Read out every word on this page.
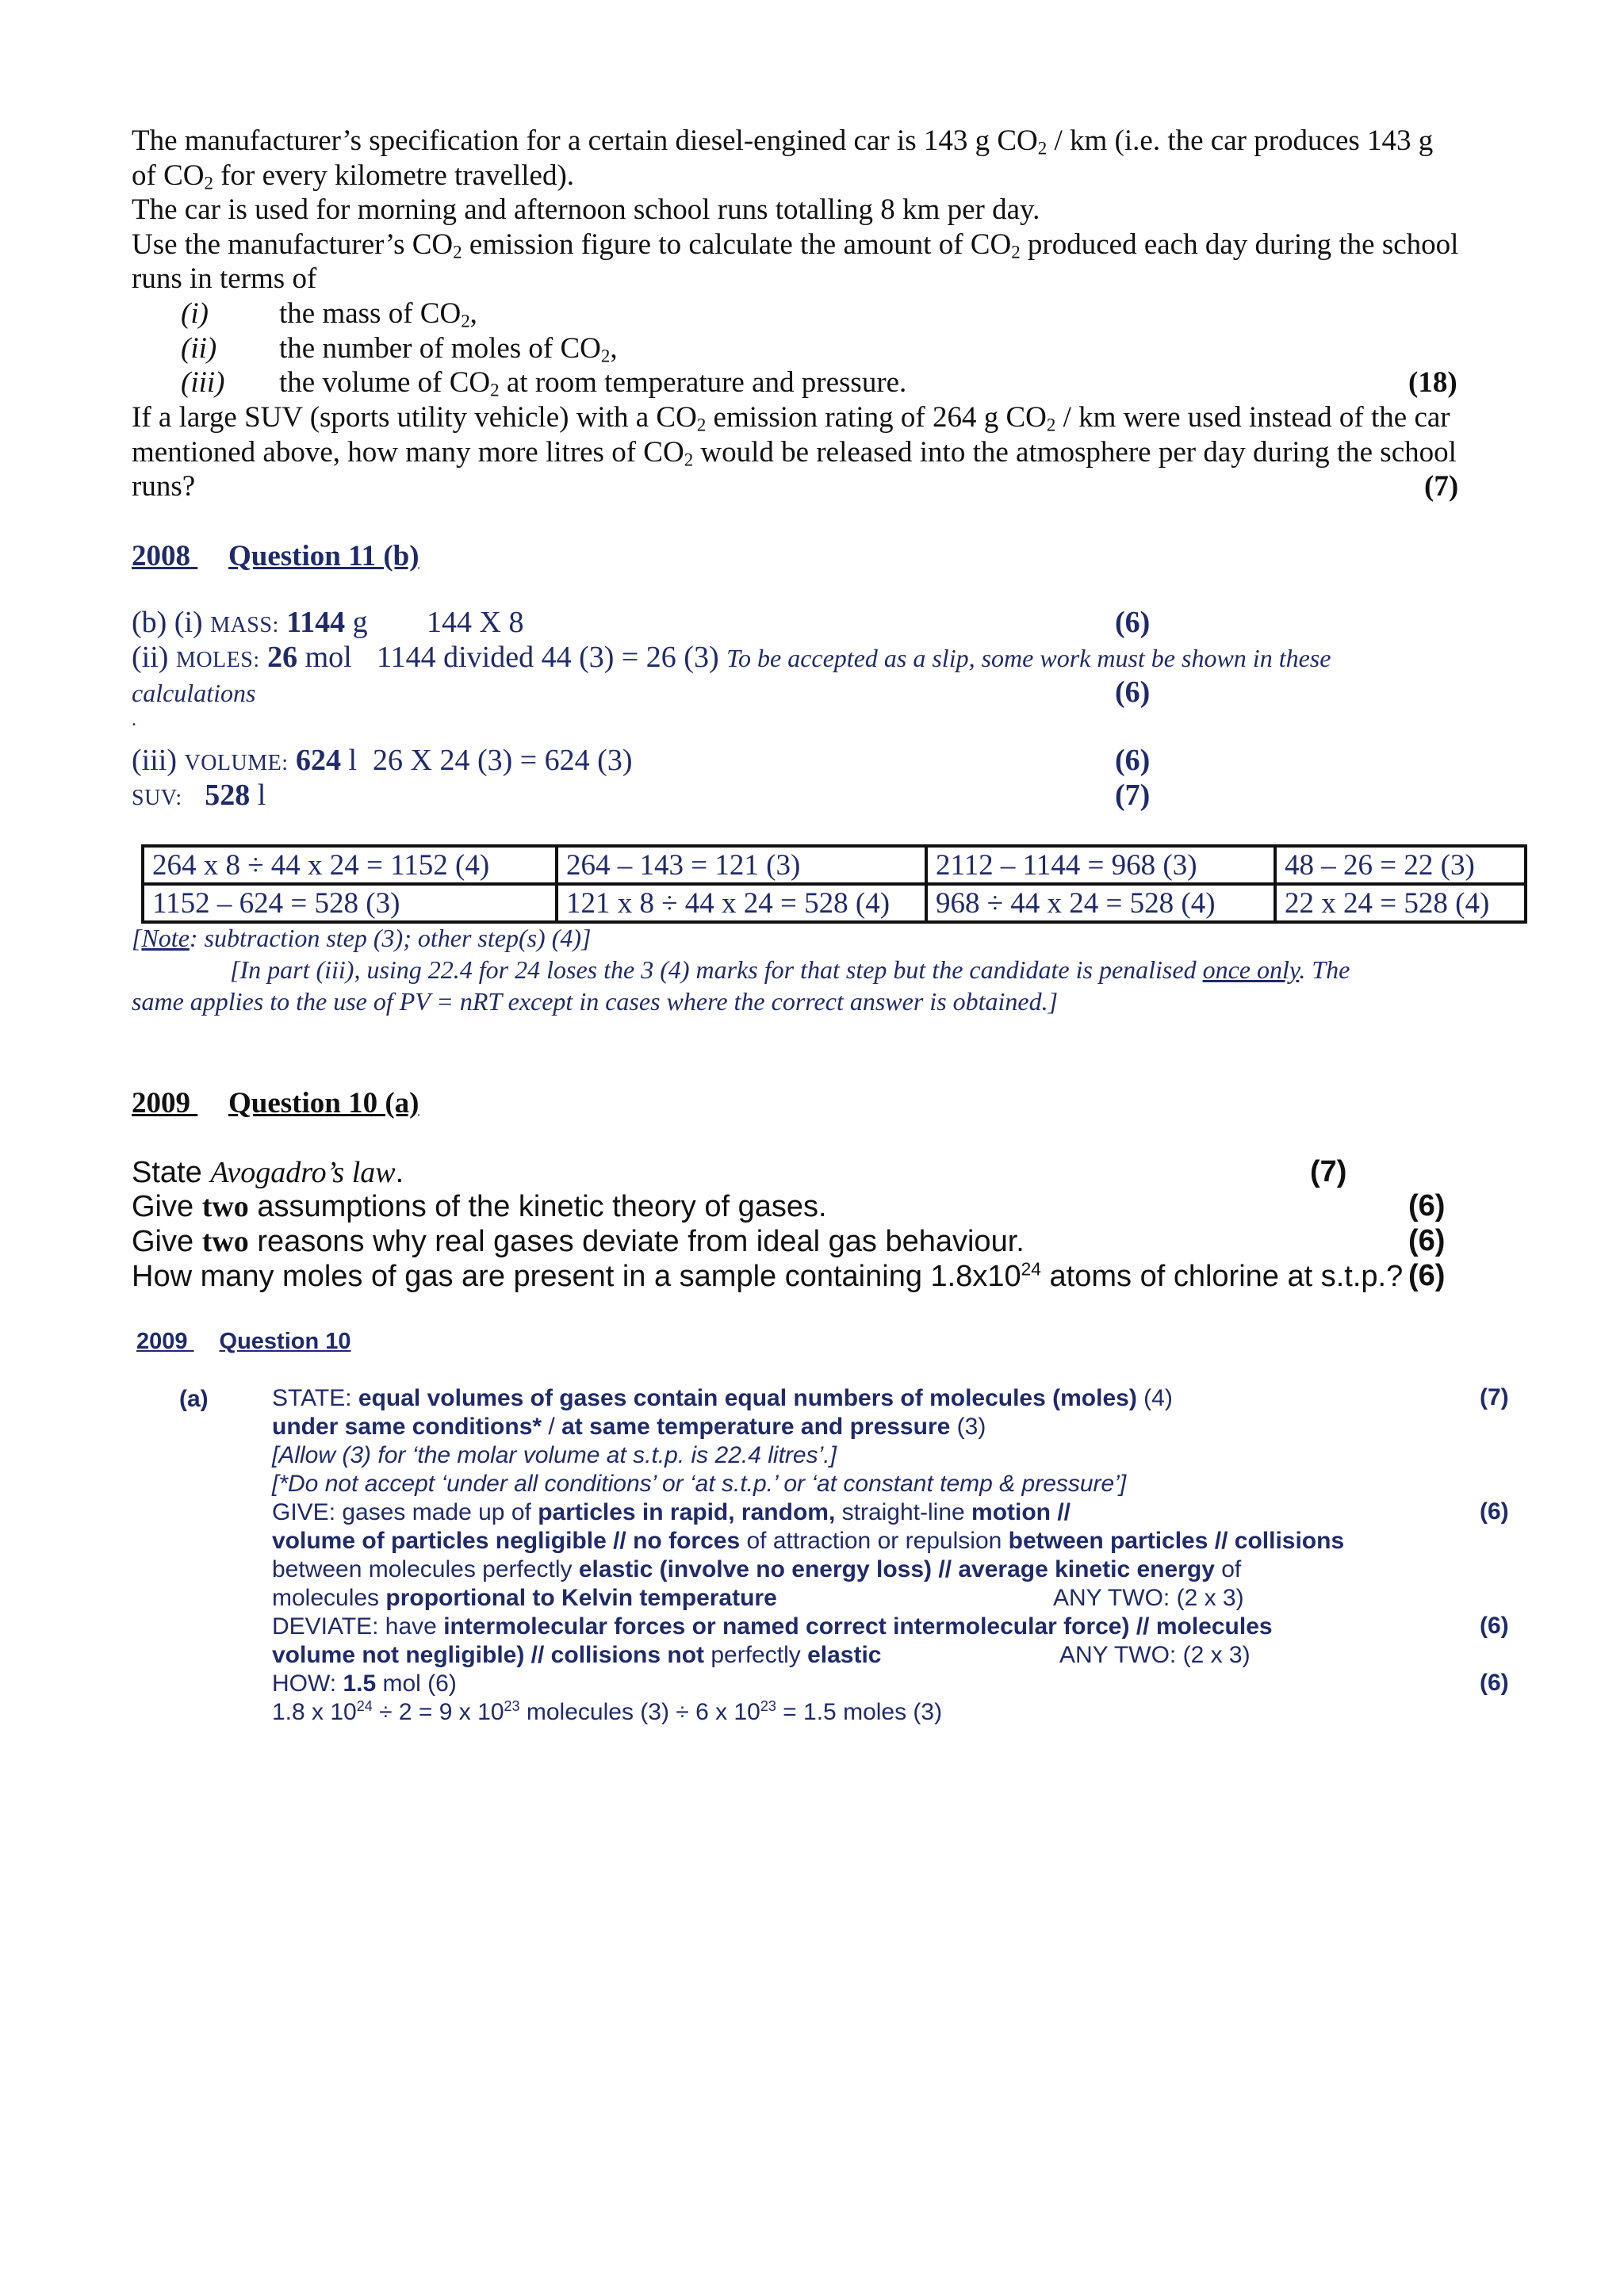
The manufacturer’s specification for a certain diesel-engined car is 143 g $CO_2$ / km (i.e. the car produces 143 g
of $CO_2$ for every kilometre travelled).
The car is used for morning and afternoon school runs totalling 8 km per day.
Use the manufacturer’s $CO_2$ emission figure to calculate the amount of $CO_2$ produced each day during the school
runs in terms of
(i) the mass of $CO_2$,
(ii) the number of moles of $CO_2$,
(iii) the volume of $CO_2$ at room temperature and pressure.	(18)
If a large SUV (sports utility vehicle) with a $CO_2$ emission rating of 264 g $CO_2$ / km were used instead of the car
mentioned above, how many more litres of $CO_2$ would be released into the atmosphere per day during the school
runs?	(7)
2008 Question 11 (b)
(b) (i) MASS: 1144 g 144 X 8	(6)
(ii) MOLES: 26 mol 1144 divided 44 (3) = 26 (3) To be accepted as a slip, some work must be shown in these
calculations	(6)
.
(iii) VOLUME: 624 l 26 X 24 (3) = 624 (3)	(6)
SUV: 528 l	(7)
264 x 8 ÷ 44 x 24 = 1152 (4)	264 – 143 = 121 (3)	2112 – 1144 = 968 (3)	48 – 26 = 22 (3)
1152 – 624 = 528 (3)	121 x 8 ÷ 44 x 24 = 528 (4)	968 ÷ 44 x 24 = 528 (4)	22 x 24 = 528 (4)
[Note: subtraction step (3); other step(s) (4)]
[In part (iii), using 22.4 for 24 loses the 3 (4) marks for that step but the candidate is penalised once only. The
same applies to the use of PV = nRT except in cases where the correct answer is obtained.]
2009 Question 10 (a)
State Avogadro’s law.	(7)
Give two assumptions of the kinetic theory of gases.	(6)
Give two reasons why real gases deviate from ideal gas behaviour.	(6)
How many moles of gas are present in a sample containing $1.8x10^{24}$ atoms of chlorine at s.t.p.? (6)
2009 Question 10
(a)	STATE: equal volumes of gases contain equal numbers of molecules (moles) (4)	(7)
under same conditions* / at same temperature and pressure (3)
[Allow (3) for ‘the molar volume at s.t.p. is 22.4 litres’.]
[*Do not accept ‘under all conditions’ or ‘at s.t.p.’ or ‘at constant temp & pressure’]
GIVE: gases made up of particles in rapid, random, straight-line motion //	(6)
volume of particles negligible // no forces of attraction or repulsion between particles // collisions
between molecules perfectly elastic (involve no energy loss) // average kinetic energy of
molecules proportional to Kelvin temperature	ANY TWO: (2 x 3)
DEVIATE: have intermolecular forces or named correct intermolecular force) // molecules	(6)
volume not negligible) // collisions not perfectly elastic	ANY TWO: (2 x 3)
HOW: 1.5 mol (6)	(6)
1.8 x $10^{24} \div 2 = 9$ x $10^{23}$ molecules (3) ÷ 6 x $10^{23} = 1.5$ moles (3)
